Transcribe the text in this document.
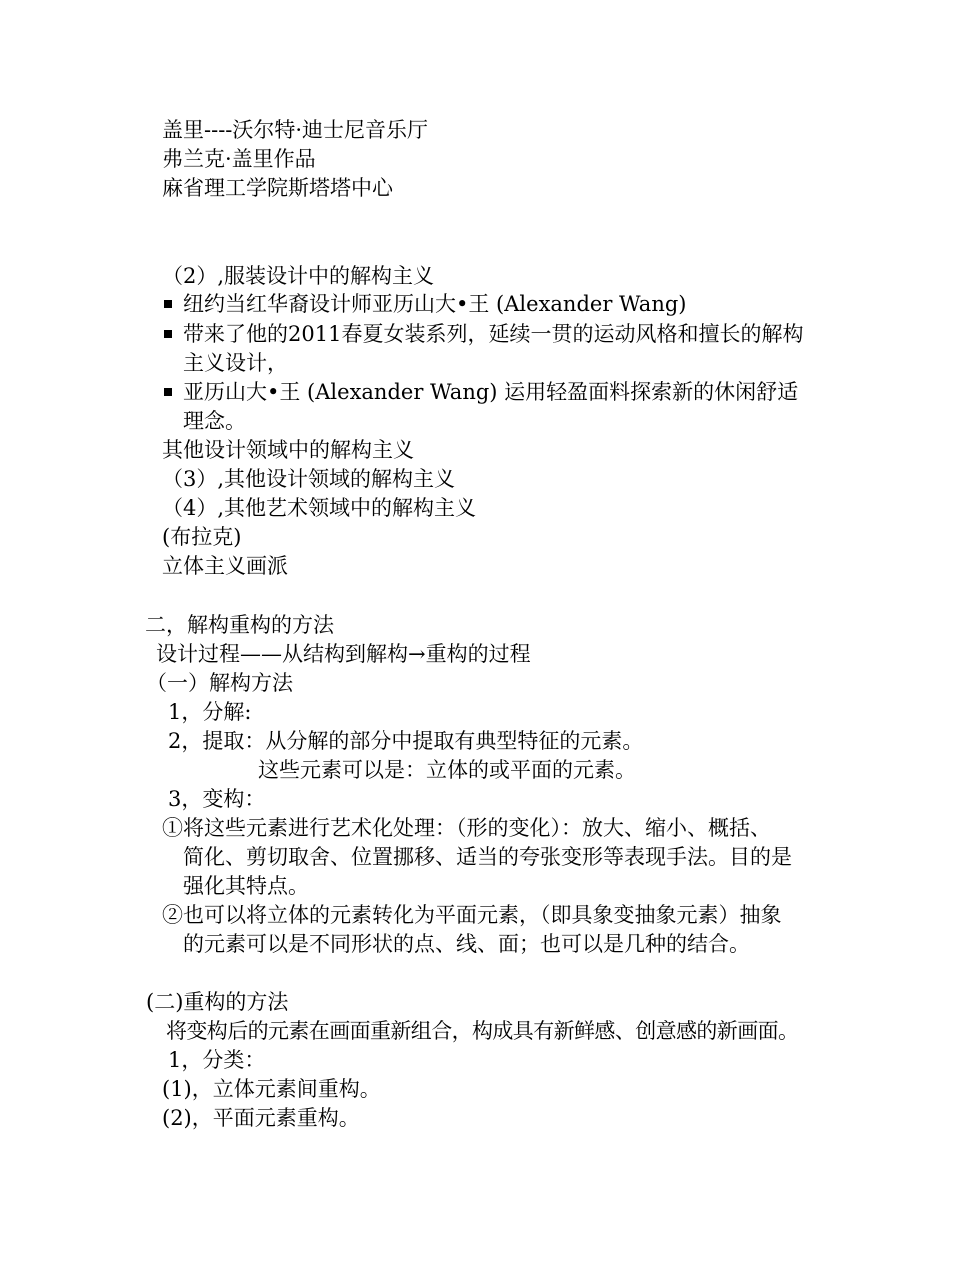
盖里----沃尔特·迪士尼音乐厅
弗兰克·盖里作品
麻省理工学院斯塔塔中心
（2）,服装设计中的解构主义
纽约当红华裔设计师亚历山大•王 (Alexander Wang)
带来了他的2011春夏女装系列，延续一贯的运动风格和擅长的解构
主义设计，
亚历山大•王 (Alexander Wang) 运用轻盈面料探索新的休闲舒适
理念。
其他设计领域中的解构主义
（3）,其他设计领域的解构主义
（4）,其他艺术领域中的解构主义
(布拉克)
立体主义画派
二，解构重构的方法
设计过程——从结构到解构→重构的过程
（一）解构方法
1，分解:
2，提取：从分解的部分中提取有典型特征的元素。
这些元素可以是：立体的或平面的元素。
3，变构：
①将这些元素进行艺术化处理：（形的变化）：放大、缩小、概括、
简化、剪切取舍、位置挪移、适当的夸张变形等表现手法。目的是
强化其特点。
②也可以将立体的元素转化为平面元素，（即具象变抽象元素）抽象
的元素可以是不同形状的点、线、面；也可以是几种的结合。
(二)重构的方法
将变构后的元素在画面重新组合，构成具有新鲜感、创意感的新画面。
1，分类：
(1)，立体元素间重构。
(2)，平面元素重构。
